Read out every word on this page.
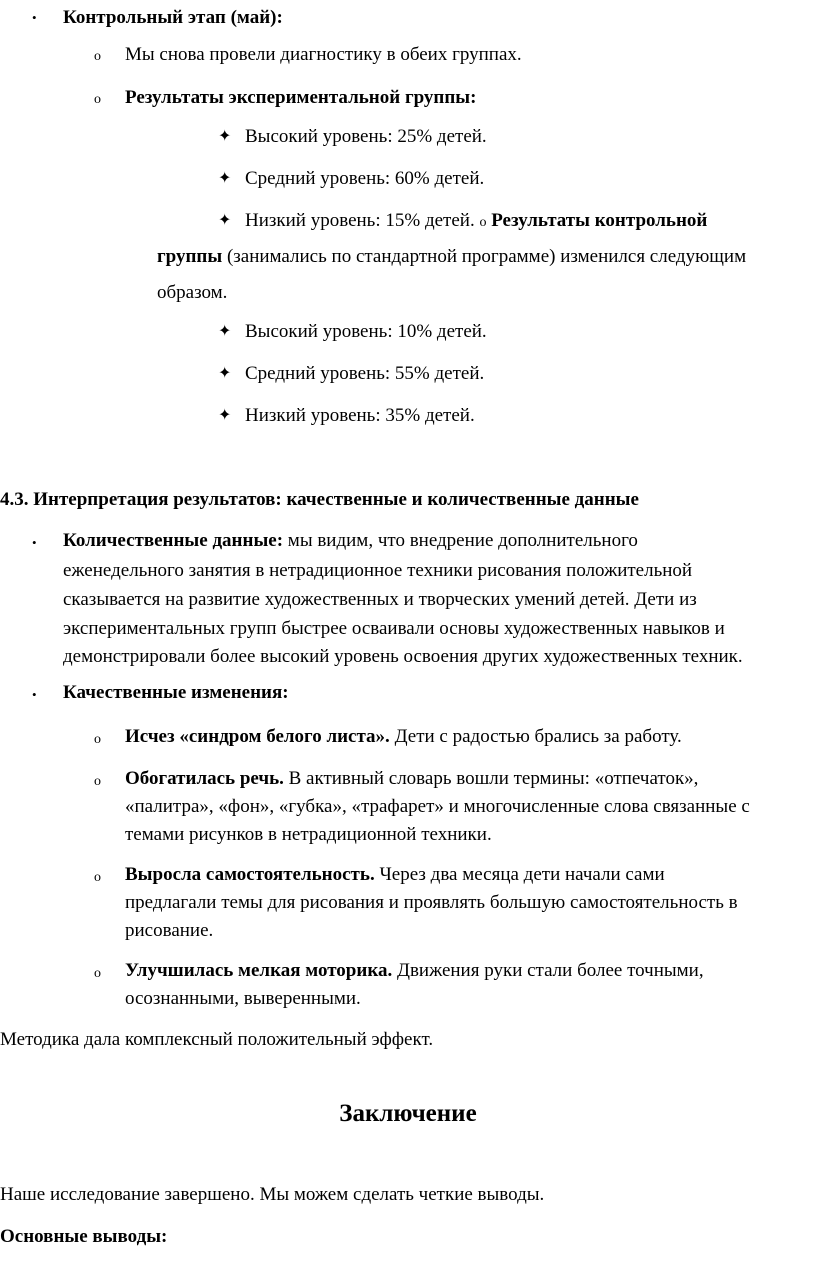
• Контрольный этап (май):
o Мы снова провели диагностику в обеих группах.
o Результаты экспериментальной группы:
✦ Высокий уровень: 25% детей.
✦ Средний уровень: 60% детей.
✦ Низкий уровень: 15% детей. o Результаты контрольной
группы (занимались по стандартной программе) изменился следующим
образом.
✦ Высокий уровень: 10% детей.
✦ Средний уровень: 55% детей.
✦ Низкий уровень: 35% детей.
4.3. Интерпретация результатов: качественные и количественные данные
• Количественные данные: мы видим, что внедрение дополнительного
еженедельного занятия в нетрадиционное техники рисования положительной
сказывается на развитие художественных и творческих умений детей. Дети из
экспериментальных групп быстрее осваивали основы художественных навыков и
демонстрировали более высокий уровень освоения других художественных техник.
• Качественные изменения:
o Исчез «синдром белого листа». Дети с радостью брались за работу.
o Обогатилась речь. В активный словарь вошли термины: «отпечаток»,
«палитра», «фон», «губка», «трафарет» и многочисленные слова связанные с
темами рисунков в нетрадиционной техники.
o Выросла самостоятельность. Через два месяца дети начали сами
предлагали темы для рисования и проявлять большую самостоятельность в
рисование.
o Улучшилась мелкая моторика. Движения руки стали более точными,
осознанными, выверенными.
Методика дала комплексный положительный эффект.
Заключение
Наше исследование завершено. Мы можем сделать четкие выводы.
Основные выводы:
